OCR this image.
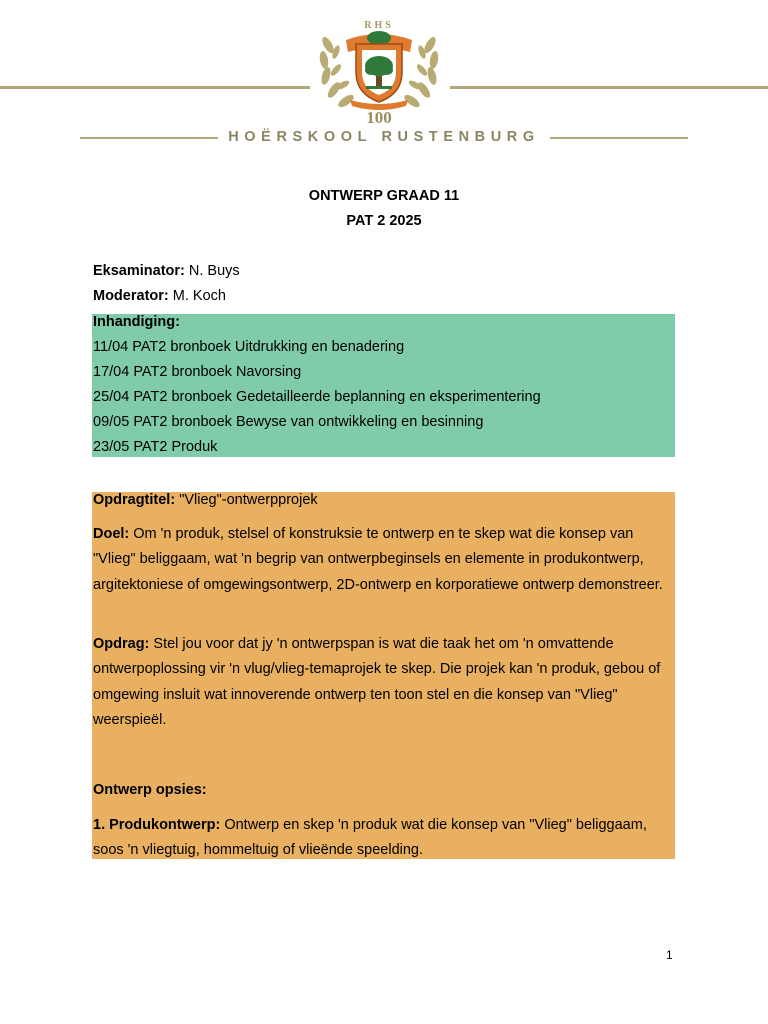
RHS
100
HOËRSKOOL RUSTENBURG
ONTWERP GRAAD 11
PAT 2 2025
Eksaminator: N. Buys
Moderator: M. Koch
Inhandiging:
11/04 PAT2 bronboek Uitdrukking en benadering
17/04 PAT2 bronboek Navorsing
25/04 PAT2 bronboek Gedetailleerde beplanning en eksperimentering
09/05 PAT2 bronboek Bewyse van ontwikkeling en besinning
23/05 PAT2 Produk
Opdragtitel: "Vlieg"-ontwerpprojek
Doel: Om 'n produk, stelsel of konstruksie te ontwerp en te skep wat die konsep van "Vlieg" beliggaam, wat 'n begrip van ontwerpbeginsels en elemente in produkontwerp, argitektoniese of omgewingsontwerp, 2D-ontwerp en korporatiewe ontwerp demonstreer.
Opdrag: Stel jou voor dat jy 'n ontwerpspan is wat die taak het om 'n omvattende ontwerpoplossing vir 'n vlug/vlieg-temaprojek te skep. Die projek kan 'n produk, gebou of omgewing insluit wat innoverende ontwerp ten toon stel en die konsep van "Vlieg" weerspieël.
Ontwerp opsies:
1. Produkontwerp: Ontwerp en skep 'n produk wat die konsep van "Vlieg" beliggaam, soos 'n vliegtuig, hommeltuig of vlieënde speelding.
1
